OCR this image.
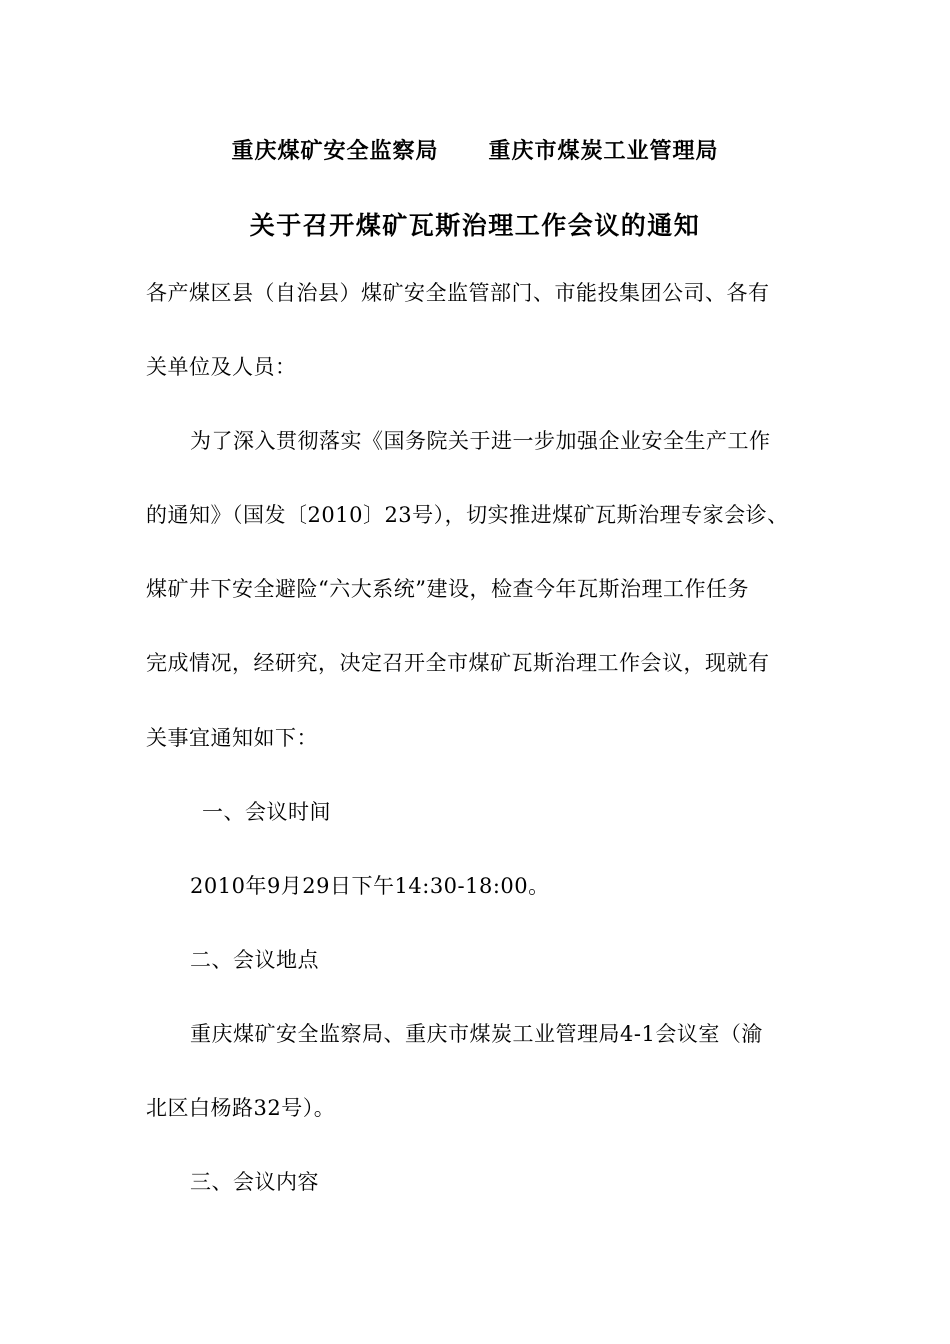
重庆煤矿安全监察局 重庆市煤炭工业管理局
关于召开煤矿瓦斯治理工作会议的通知
各产煤区县（自治县）煤矿安全监管部门、市能投集团公司、各有
关单位及人员：
为了深入贯彻落实《国务院关于进一步加强企业安全生产工作
的通知》（国发〔2010〕23号），切实推进煤矿瓦斯治理专家会诊、
煤矿井下安全避险“六大系统”建设，检查今年瓦斯治理工作任务
完成情况，经研究，决定召开全市煤矿瓦斯治理工作会议，现就有
关事宜通知如下：
一、会议时间
2010年9月29日下午14:30-18:00。
二、会议地点
重庆煤矿安全监察局、重庆市煤炭工业管理局4-1会议室（渝
北区白杨路32号）。
三、会议内容
